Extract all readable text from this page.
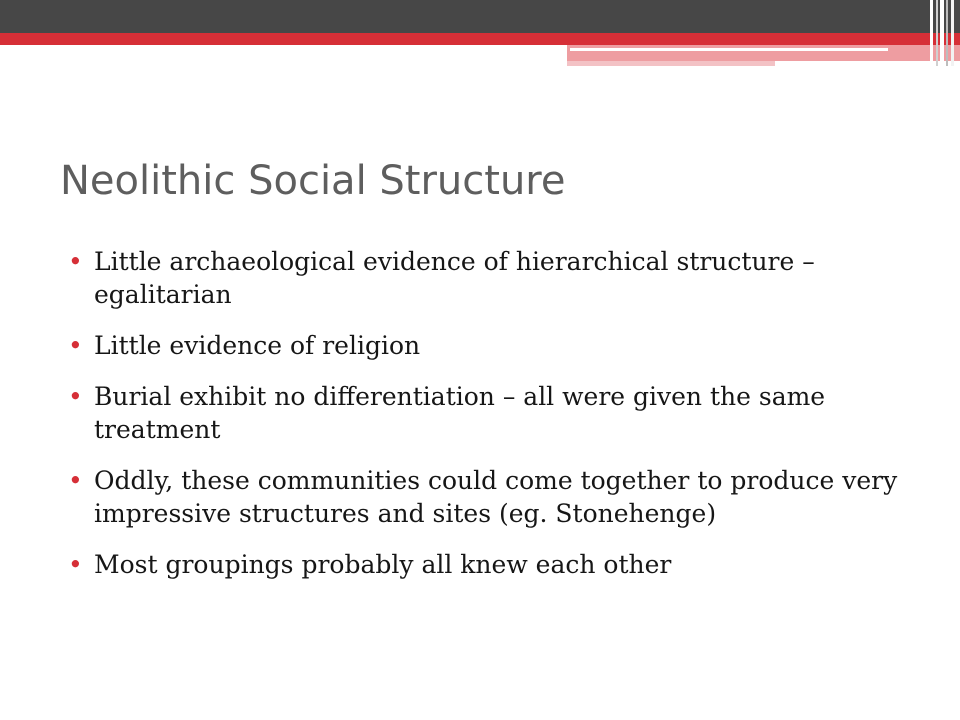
Neolithic Social Structure
• Little archaeological evidence of hierarchical structure – egalitarian
• Little evidence of religion
• Burial exhibit no differentiation – all were given the same treatment
• Oddly, these communities could come together to produce very impressive structures and sites (eg. Stonehenge)
• Most groupings probably all knew each other
